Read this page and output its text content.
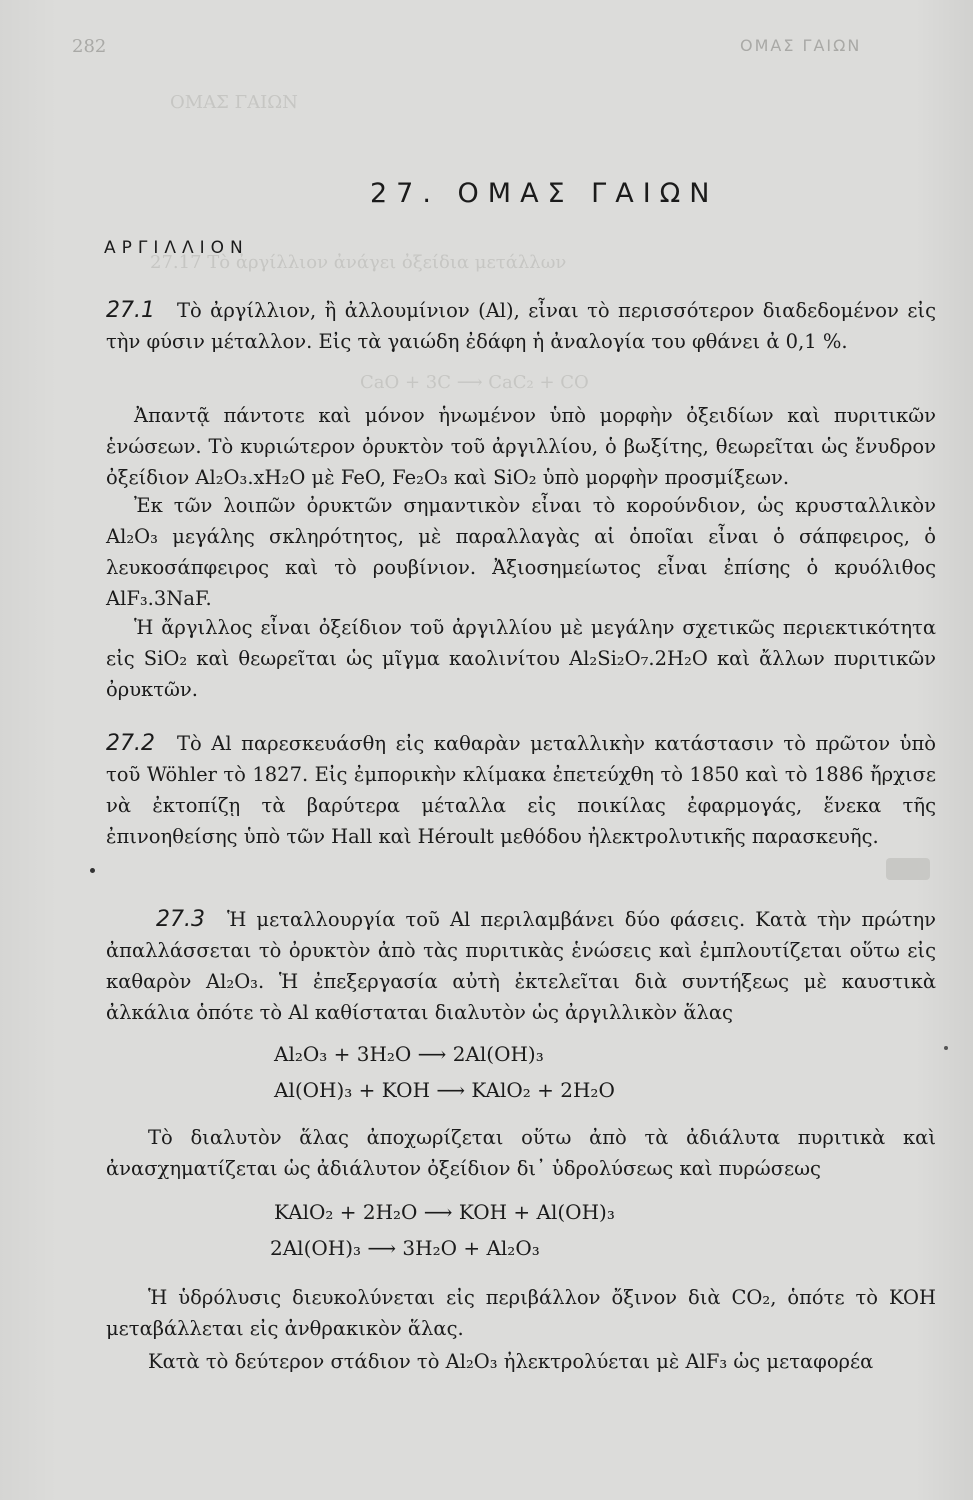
ΟΜΑΣ ΓΑΙΩΝ
CaO + 3C ⟶ CaC₂ + CO
27.17 Τὸ ἀργίλλιον ἀνάγει ὀξείδια μετάλλων
282	ΟΜΑΣ ΓΑΙΩΝ
27. ΟΜΑΣ ΓΑΙΩΝ
ΑΡΓΙΛΛΙΟΝ
27.1 Τὸ ἀργίλλιον, ἢ ἀλλουμίνιον (Al), εἶναι τὸ περισσότερον διαδεδομένον εἰς τὴν φύσιν μέταλλον. Εἰς τὰ γαιώδη ἐδάφη ἡ ἀναλογία του φθάνει ἀ 0,1 %.
Ἀπαντᾷ πάντοτε καὶ μόνον ἡνωμένον ὑπὸ μορφὴν ὀξειδίων καὶ πυριτικῶν ἑνώσεων. Τὸ κυριώτερον ὀρυκτὸν τοῦ ἀργιλλίου, ὁ βωξίτης, θεωρεῖται ὡς ἔνυδρον ὀξείδιον Al₂O₃.xH₂O μὲ FeO, Fe₂O₃ καὶ SiO₂ ὑπὸ μορφὴν προσμίξεων.
Ἐκ τῶν λοιπῶν ὀρυκτῶν σημαντικὸν εἶναι τὸ κορούνδιον, ὡς κρυσταλλικὸν Al₂O₃ μεγάλης σκληρότητος, μὲ παραλλαγὰς αἱ ὁποῖαι εἶναι ὁ σάπφειρος, ὁ λευκοσάπφειρος καὶ τὸ ρουβίνιον. Ἀξιοσημείωτος εἶναι ἐπίσης ὁ κρυόλιθος AlF₃.3NaF.
Ἡ ἄργιλλος εἶναι ὀξείδιον τοῦ ἀργιλλίου μὲ μεγάλην σχετικῶς περιεκτικότητα εἰς SiO₂ καὶ θεωρεῖται ὡς μῖγμα καολινίτου Al₂Si₂O₇.2H₂O καὶ ἄλλων πυριτικῶν ὀρυκτῶν.
27.2 Τὸ Al παρεσκευάσθη εἰς καθαρὰν μεταλλικὴν κατάστασιν τὸ πρῶτον ὑπὸ τοῦ Wöhler τὸ 1827. Εἰς ἐμπορικὴν κλίμακα ἐπετεύχθη τὸ 1850 καὶ τὸ 1886 ἤρχισε νὰ ἐκτοπίζῃ τὰ βαρύτερα μέταλλα εἰς ποικίλας ἐφαρμογάς, ἕνεκα τῆς ἐπινοηθείσης ὑπὸ τῶν Hall καὶ Héroult μεθόδου ἠλεκτρολυτικῆς παρασκευῆς.
27.3 Ἡ μεταλλουργία τοῦ Al περιλαμβάνει δύο φάσεις. Κατὰ τὴν πρώτην ἀπαλλάσσεται τὸ ὀρυκτὸν ἀπὸ τὰς πυριτικὰς ἑνώσεις καὶ ἐμπλουτίζεται οὕτω εἰς καθαρὸν Al₂O₃. Ἡ ἐπεξεργασία αὐτὴ ἐκτελεῖται διὰ συντήξεως μὲ καυστικὰ ἀλκάλια ὁπότε τὸ Al καθίσταται διαλυτὸν ὡς ἀργιλλικὸν ἅλας
Al₂O₃ + 3H₂O ⟶ 2Al(OH)₃
Al(OH)₃ + KOH ⟶ KAlO₂ + 2H₂O
Τὸ διαλυτὸν ἅλας ἀποχωρίζεται οὕτω ἀπὸ τὰ ἀδιάλυτα πυριτικὰ καὶ ἀνασχηματίζεται ὡς ἀδιάλυτον ὀξείδιον δι᾽ ὑδρολύσεως καὶ πυρώσεως
KAlO₂ + 2H₂O ⟶ KOH + Al(OH)₃
2Al(OH)₃ ⟶ 3H₂O + Al₂O₃
Ἡ ὑδρόλυσις διευκολύνεται εἰς περιβάλλον ὄξινον διὰ CO₂, ὁπότε τὸ KOH μεταβάλλεται εἰς ἀνθρακικὸν ἅλας.
Κατὰ τὸ δεύτερον στάδιον τὸ Al₂O₃ ἠλεκτρολύεται μὲ AlF₃ ὡς μεταφορέα
